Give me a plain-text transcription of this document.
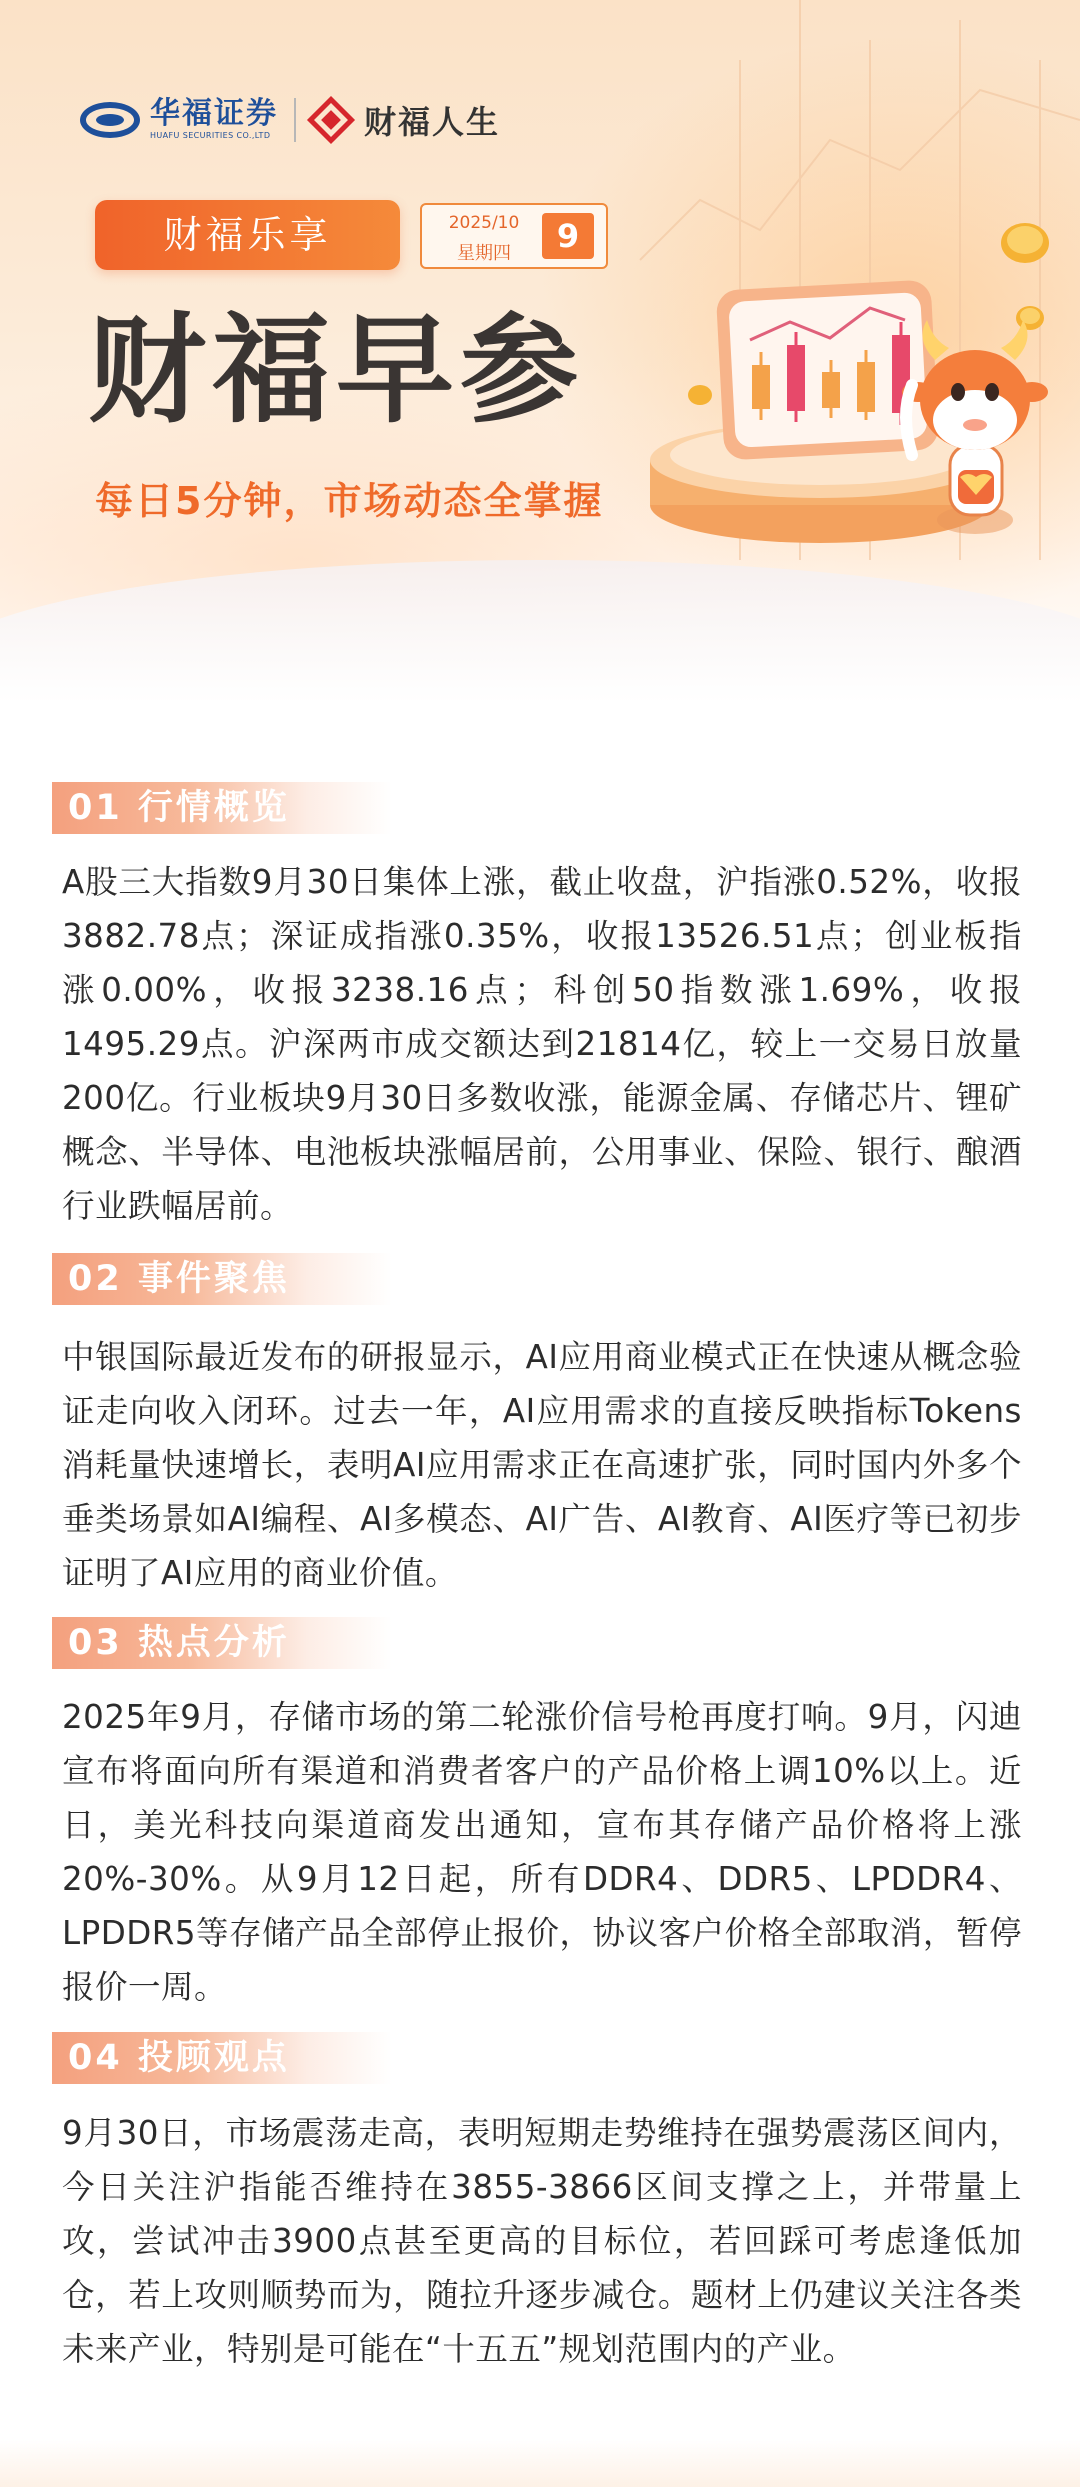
华福证券
HUAFU SECURITIES CO.,LTD	财福人生
财福乐享	2025/10
星期四	9
财福早参
每日5分钟，市场动态全掌握
01 行情概览
A股三大指数9月30日集体上涨，截止收盘，沪指涨0.52%，收报3882.78点；深证成指涨0.35%，收报13526.51点；创业板指涨0.00%，收报3238.16点；科创50指数涨1.69%，收报1495.29点。沪深两市成交额达到21814亿，较上一交易日放量200亿。行业板块9月30日多数收涨，能源金属、存储芯片、锂矿概念、半导体、电池板块涨幅居前，公用事业、保险、银行、酿酒行业跌幅居前。
02 事件聚焦
中银国际最近发布的研报显示，AI应用商业模式正在快速从概念验证走向收入闭环。过去一年，AI应用需求的直接反映指标Tokens消耗量快速增长，表明AI应用需求正在高速扩张，同时国内外多个垂类场景如AI编程、AI多模态、AI广告、AI教育、AI医疗等已初步证明了AI应用的商业价值。
03 热点分析
2025年9月，存储市场的第二轮涨价信号枪再度打响。9月，闪迪宣布将面向所有渠道和消费者客户的产品价格上调10%以上。近日，美光科技向渠道商发出通知，宣布其存储产品价格将上涨20%-30%。从9月12日起，所有DDR4、DDR5、LPDDR4、LPDDR5等存储产品全部停止报价，协议客户价格全部取消，暂停报价一周。
04 投顾观点
9月30日，市场震荡走高，表明短期走势维持在强势震荡区间内，今日关注沪指能否维持在3855-3866区间支撑之上，并带量上攻，尝试冲击3900点甚至更高的目标位，若回踩可考虑逢低加仓，若上攻则顺势而为，随拉升逐步减仓。题材上仍建议关注各类未来产业，特别是可能在“十五五”规划范围内的产业。
